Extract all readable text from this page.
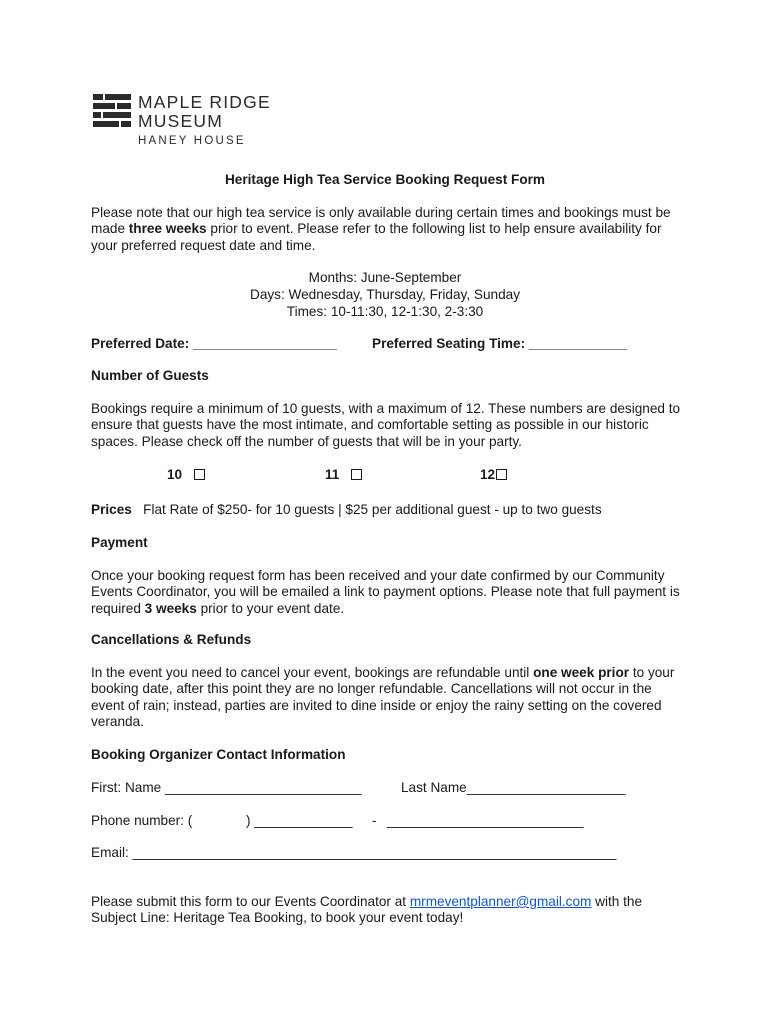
MAPLE RIDGE
MUSEUM
HANEY HOUSE
Heritage High Tea Service Booking Request Form
Please note that our high tea service is only available during certain times and bookings must be made three weeks prior to event. Please refer to the following list to help ensure availability for your preferred request date and time.
Months: June-September
Days: Wednesday, Thursday, Friday, Sunday
Times: 10-11:30, 12-1:30, 2-3:30
Preferred Date: ___________________	Preferred Seating Time: _____________
Number of Guests
Bookings require a minimum of 10 guests, with a maximum of 12. These numbers are designed to ensure that guests have the most intimate, and comfortable setting as possible in our historic spaces. Please check off the number of guests that will be in your party.
10	11	12
Prices Flat Rate of $250- for 10 guests | $25 per additional guest - up to two guests
Payment
Once your booking request form has been received and your date confirmed by our Community Events Coordinator, you will be emailed a link to payment options. Please note that full payment is required 3 weeks prior to your event date.
Cancellations & Refunds
In the event you need to cancel your event, bookings are refundable until one week prior to your booking date, after this point they are no longer refundable. Cancellations will not occur in the event of rain; instead, parties are invited to dine inside or enjoy the rainy setting on the covered veranda.
Booking Organizer Contact Information
First: Name __________________________	Last Name_____________________
Phone number: (	) _____________ - __________________________
Email: ________________________________________________________________
Please submit this form to our Events Coordinator at mrmeventplanner@gmail.com with the Subject Line: Heritage Tea Booking, to book your event today!
